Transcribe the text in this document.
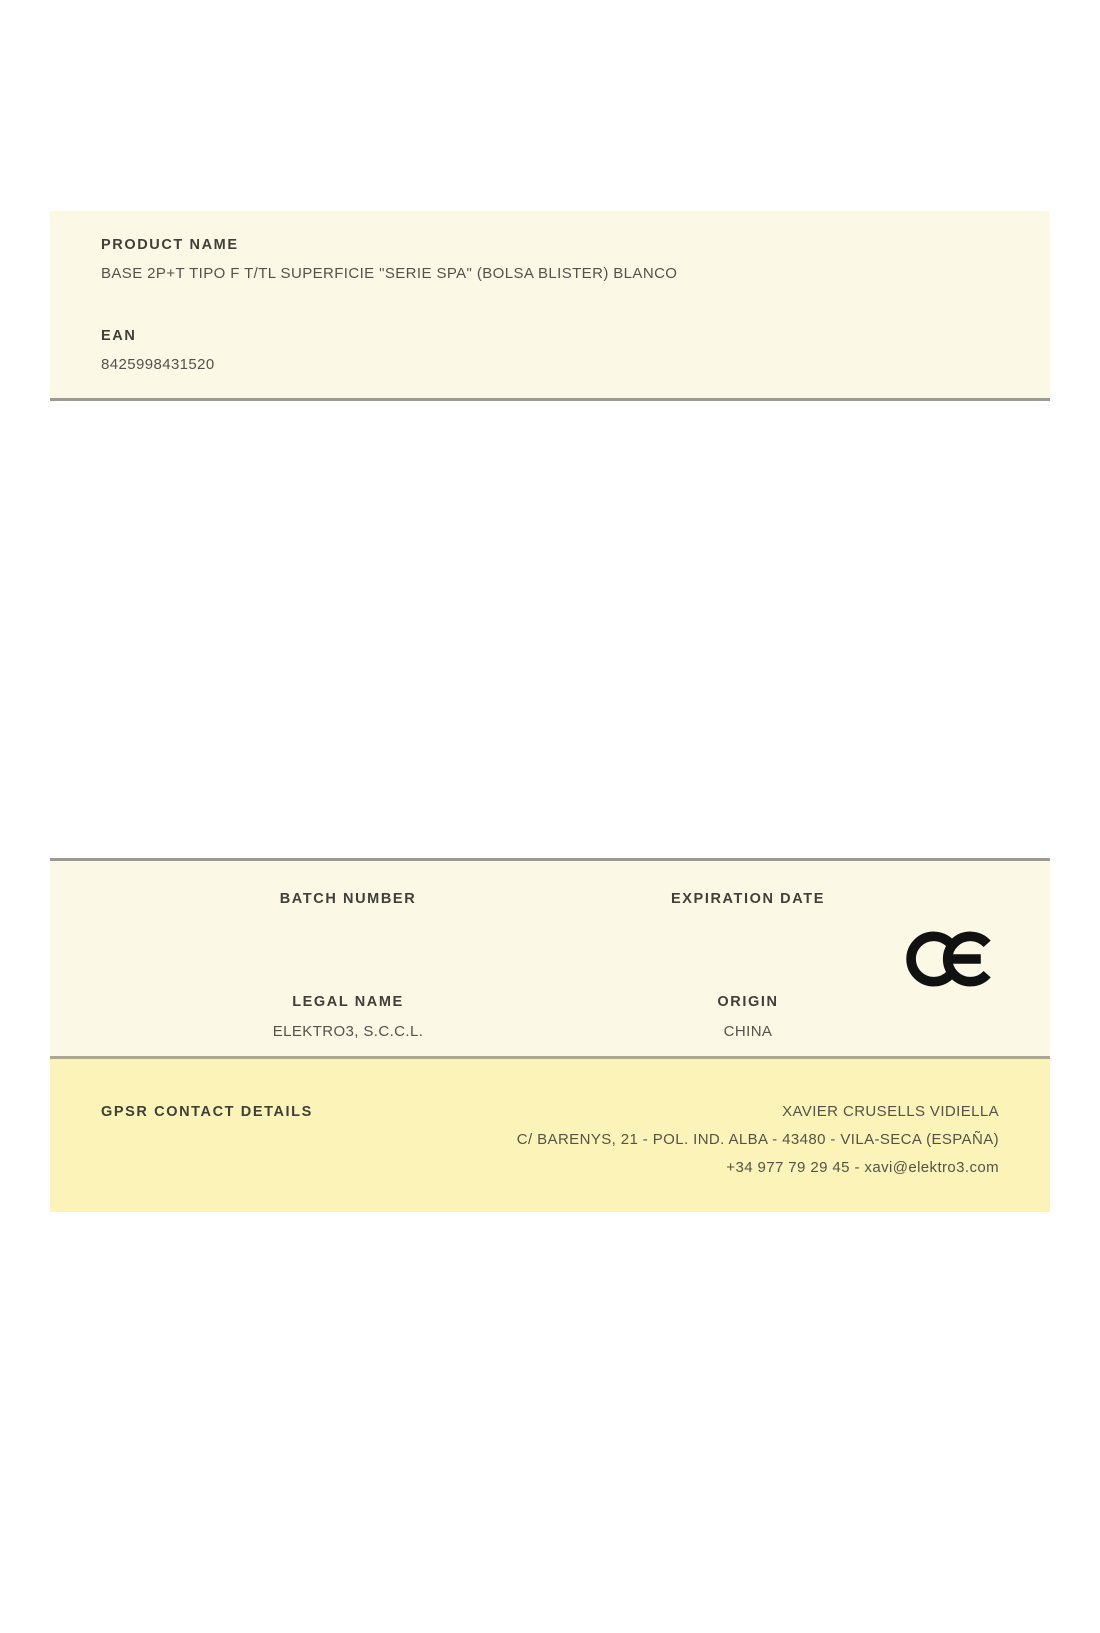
PRODUCT NAME
BASE 2P+T TIPO F T/TL SUPERFICIE "SERIE SPA" (BOLSA BLISTER) BLANCO
EAN
8425998431520
BATCH NUMBER	EXPIRATION DATE
LEGAL NAME
ELEKTRO3, S.C.C.L.
ORIGIN
CHINA
GPSR CONTACT DETAILS	XAVIER CRUSELLS VIDIELLA
C/ BARENYS, 21 - POL. IND. ALBA - 43480 - VILA-SECA (ESPAÑA)
+34 977 79 29 45 - xavi@elektro3.com
